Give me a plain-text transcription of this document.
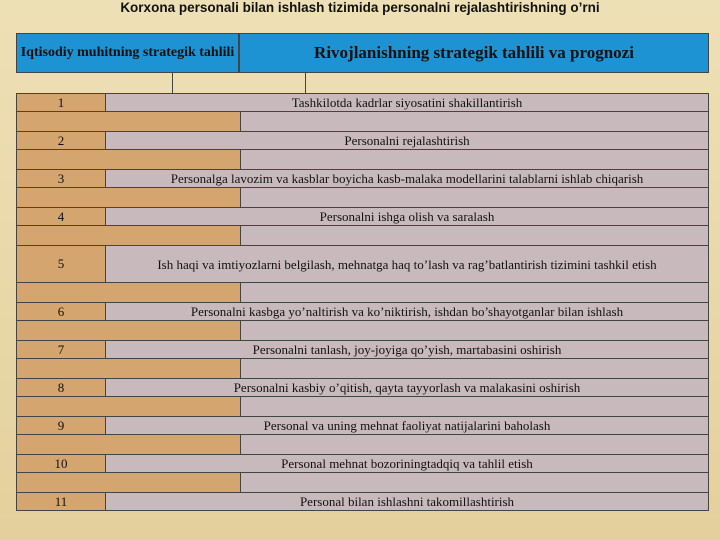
Korxona personali bilan ishlash tizimida personalni rejalashtirishning o’rni
Iqtisodiy muhitning strategik tahlili	Rivojlanishning strategik tahlili va prognozi
1	Tashkilotda kadrlar siyosatini shakillantirish
2	Personalni rejalashtirish
3	Personalga lavozim va kasblar boyicha kasb-malaka modellarini talablarni ishlab chiqarish
4	Personalni ishga olish va saralash
5	Ish haqi va imtiyozlarni belgilash, mehnatga haq to’lash va rag’batlantirish tizimini tashkil etish
6	Personalni kasbga yo’naltirish va ko’niktirish, ishdan bo’shayotganlar bilan ishlash
7	Personalni tanlash, joy-joyiga qo’yish, martabasini oshirish
8	Personalni kasbiy o’qitish, qayta tayyorlash va malakasini oshirish
9	Personal va uning mehnat faoliyat natijalarini baholash
10	Personal mehnat bozoriningtadqiq va tahlil etish
11	Personal bilan ishlashni takomillashtirish
